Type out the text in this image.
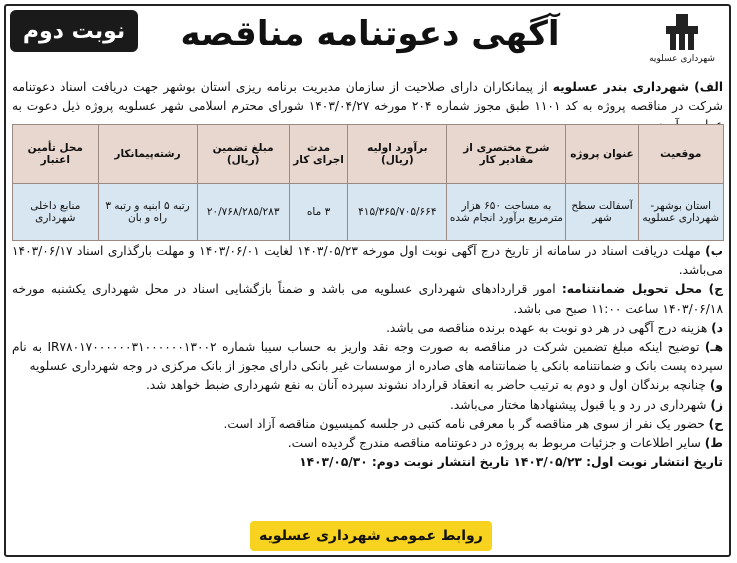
نوبت دوم	آگهی دعوتنامه مناقصه
شهرداری عسلویه
الف) شهرداری بندر عسلویه از پیمانکاران دارای صلاحیت از سازمان مدیریت برنامه ریزی استان بوشهر جهت دریافت اسناد دعوتنامه شرکت در مناقصه پروژه به کد ۱۱۰۱ طبق مجوز شماره ۲۰۴ مورخه ۱۴۰۳/۰۴/۲۷ شورای محترم اسلامی شهر عسلویه پروژه ذیل دعوت به
موقعیت	عنوان پروژه	شرح مختصری از مقادیر کار	برآورد اولیه (ریال)	مدت اجرای کار	مبلغ تضمین (ریال)	رشته‌پیمانکار	محل تأمین اعتبار
استان بوشهر- شهرداری عسلویه	آسفالت سطح شهر	به مساحت ۶۵۰ هزار مترمربع برآورد انجام شده	۴۱۵/۳۶۵/۷۰۵/۶۶۴	۳ ماه	۲۰/۷۶۸/۲۸۵/۲۸۳	رتبه ۵ ابنیه و رتبه ۳ راه و بان	منابع داخلی شهرداری

ب) مهلت دریافت اسناد در سامانه از تاریخ درج آگهی نوبت اول مورخه ۱۴۰۳/۰۵/۲۳ لغایت ۱۴۰۳/۰۶/۰۱ و مهلت بارگذاری اسناد ۱۴۰۳/۰۶/۱۷ می‌باشد.

ج) محل تحویل ضمانتنامه: امور قراردادهای شهرداری عسلویه می باشد و ضمناً بازگشایی اسناد در محل شهرداری یکشنبه مورخه ۱۴۰۳/۰۶/۱۸ ساعت ۱۱:۰۰ صبح می باشد.

د) هزینه درج آگهی در هر دو نوبت به عهده برنده مناقصه می باشد.

هـ) توضیح اینکه مبلغ تضمین شرکت در مناقصه به صورت وجه نقد واریز به حساب سیبا شماره IR۷۸۰۱۷۰۰۰۰۰۰۳۱۰۰۰۰۰۰۱۳۰۰۲ به نام سپرده پست بانک و ضمانتنامه بانکی یا ضمانتنامه های صادره از موسسات غیر بانکی دارای مجوز از بانک مرکزی در وجه شهرداری عسلویه

و) چنانچه برندگان اول و دوم به ترتیب حاضر به انعقاد قرارداد نشوند سپرده آنان به نفع شهرداری ضبط خواهد شد.

ز) شهرداری در رد و یا قبول پیشنهادها مختار می‌باشد.

ح) حضور یک نفر از سوی هر مناقصه گر با معرفی نامه کتبی در جلسه کمیسیون مناقصه آزاد است.

ط) سایر اطلاعات و جزئیات مربوط به پروژه در دعوتنامه مناقصه مندرج گردیده است.

تاریخ انتشار نوبت اول: ۱۴۰۳/۰۵/۲۳ تاریخ انتشار نوبت دوم: ۱۴۰۳/۰۵/۳۰

روابط عمومی شهرداری عسلویه
